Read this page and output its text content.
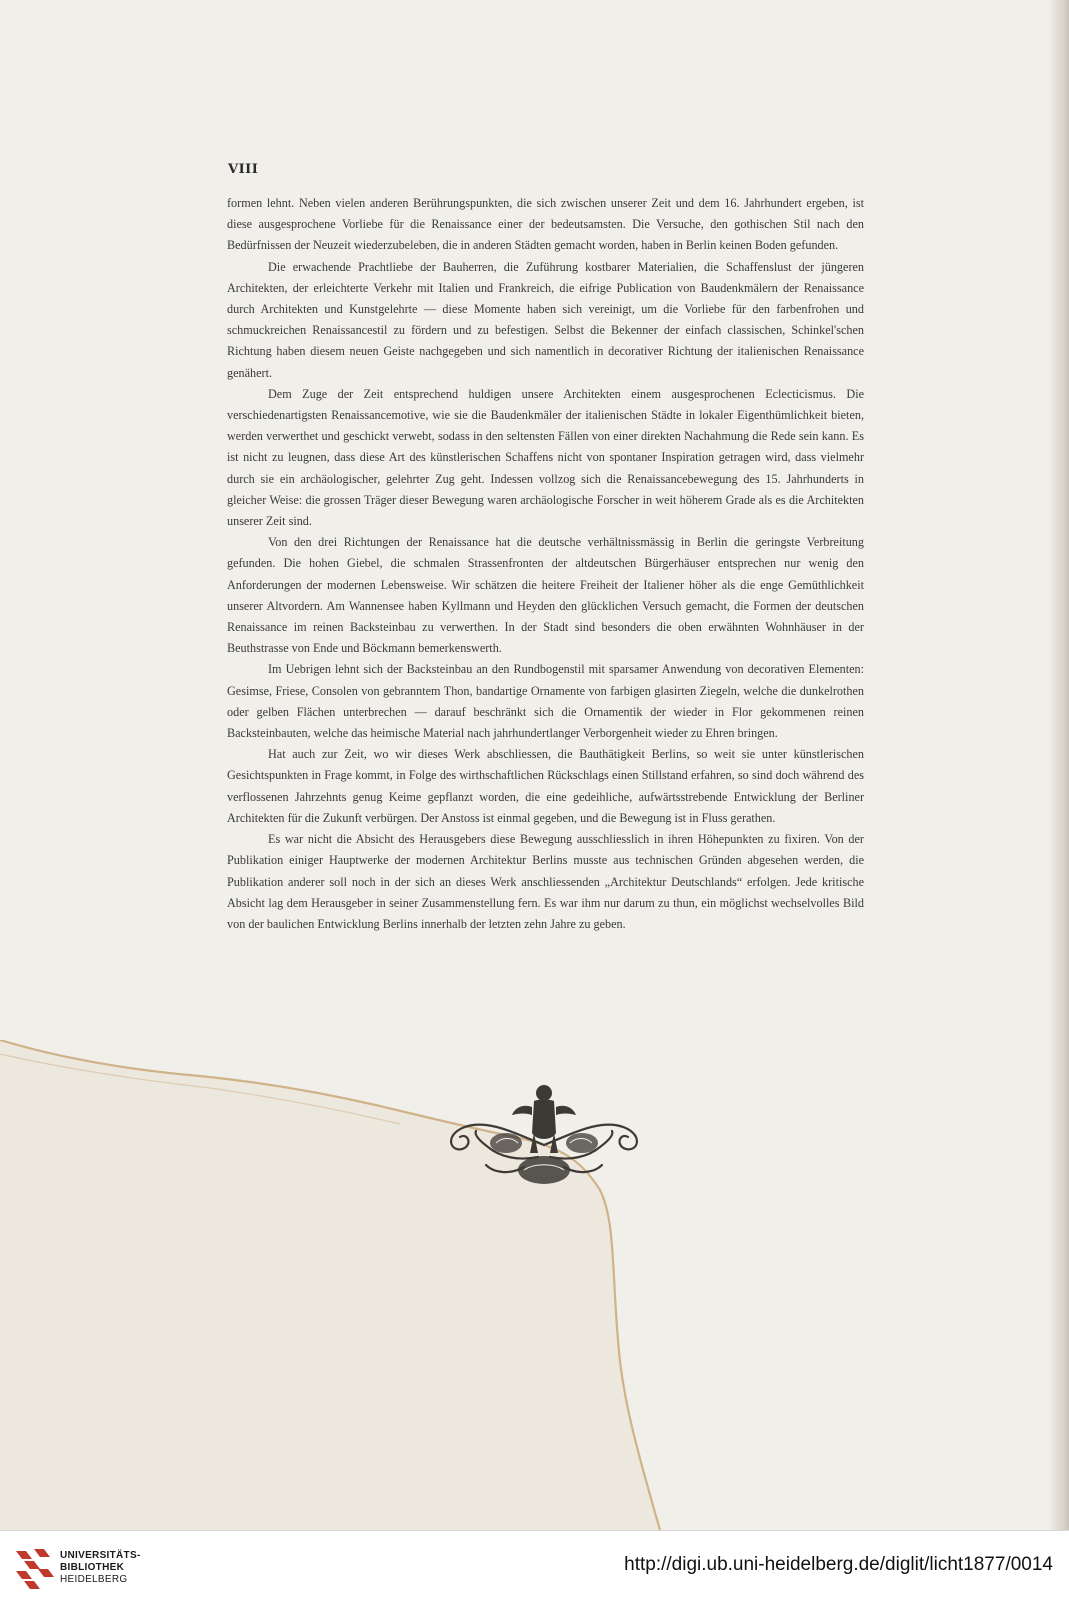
VIII

formen lehnt. Neben vielen anderen Berührungspunkten, die sich zwischen unserer Zeit und dem 16. Jahrhundert ergeben, ist diese ausgesprochene Vorliebe für die Renaissance einer der bedeutsamsten. Die Versuche, den gothischen Stil nach den Bedürfnissen der Neuzeit wiederzubeleben, die in anderen Städten gemacht worden, haben in Berlin keinen Boden gefunden.

Die erwachende Prachtliebe der Bauherren, die Zuführung kostbarer Materialien, die Schaffenslust der jüngeren Architekten, der erleichterte Verkehr mit Italien und Frankreich, die eifrige Publication von Baudenkmälern der Renaissance durch Architekten und Kunstgelehrte — diese Momente haben sich vereinigt, um die Vorliebe für den farbenfrohen und schmuckreichen Renaissancestil zu fördern und zu befestigen. Selbst die Bekenner der einfach classischen, Schinkel'schen Richtung haben diesem neuen Geiste nachgegeben und sich namentlich in decorativer Richtung der italienischen Renaissance genähert.

Dem Zuge der Zeit entsprechend huldigen unsere Architekten einem ausgesprochenen Eclecticismus. Die verschiedenartigsten Renaissancemotive, wie sie die Baudenkmäler der italienischen Städte in lokaler Eigenthümlichkeit bieten, werden verwerthet und geschickt verwebt, sodass in den seltensten Fällen von einer direkten Nachahmung die Rede sein kann. Es ist nicht zu leugnen, dass diese Art des künstlerischen Schaffens nicht von spontaner Inspiration getragen wird, dass vielmehr durch sie ein archäologischer, gelehrter Zug geht. Indessen vollzog sich die Renaissancebewegung des 15. Jahrhunderts in gleicher Weise: die grossen Träger dieser Bewegung waren archäologische Forscher in weit höherem Grade als es die Architekten unserer Zeit sind.

Von den drei Richtungen der Renaissance hat die deutsche verhältnissmässig in Berlin die geringste Verbreitung gefunden. Die hohen Giebel, die schmalen Strassenfronten der altdeutschen Bürgerhäuser entsprechen nur wenig den Anforderungen der modernen Lebensweise. Wir schätzen die heitere Freiheit der Italiener höher als die enge Gemüthlichkeit unserer Altvordern. Am Wannensee haben Kyllmann und Heyden den glücklichen Versuch gemacht, die Formen der deutschen Renaissance im reinen Backsteinbau zu verwerthen. In der Stadt sind besonders die oben erwähnten Wohnhäuser in der Beuthstrasse von Ende und Böckmann bemerkenswerth.

Im Uebrigen lehnt sich der Backsteinbau an den Rundbogenstil mit sparsamer Anwendung von decorativen Elementen: Gesimse, Friese, Consolen von gebranntem Thon, bandartige Ornamente von farbigen glasirten Ziegeln, welche die dunkelrothen oder gelben Flächen unterbrechen — darauf beschränkt sich die Ornamentik der wieder in Flor gekommenen reinen Backsteinbauten, welche das heimische Material nach jahrhundertlanger Verborgenheit wieder zu Ehren bringen.

Hat auch zur Zeit, wo wir dieses Werk abschliessen, die Bauthätigkeit Berlins, so weit sie unter künstlerischen Gesichtspunkten in Frage kommt, in Folge des wirthschaftlichen Rückschlags einen Stillstand erfahren, so sind doch während des verflossenen Jahrzehnts genug Keime gepflanzt worden, die eine gedeihliche, aufwärtsstrebende Entwicklung der Berliner Architekten für die Zukunft verbürgen. Der Anstoss ist einmal gegeben, und die Bewegung ist in Fluss gerathen.

Es war nicht die Absicht des Herausgebers diese Bewegung ausschliesslich in ihren Höhepunkten zu fixiren. Von der Publikation einiger Hauptwerke der modernen Architektur Berlins musste aus technischen Gründen abgesehen werden, die Publikation anderer soll noch in der sich an dieses Werk anschliessenden „Architektur Deutschlands“ erfolgen. Jede kritische Absicht lag dem Herausgeber in seiner Zusammenstellung fern. Es war ihm nur darum zu thun, ein möglichst wechselvolles Bild von der baulichen Entwicklung Berlins innerhalb der letzten zehn Jahre zu geben.

UNIVERSITÄTS-
BIBLIOTHEK
HEIDELBERG
http://digi.ub.uni-heidelberg.de/diglit/licht1877/0014
